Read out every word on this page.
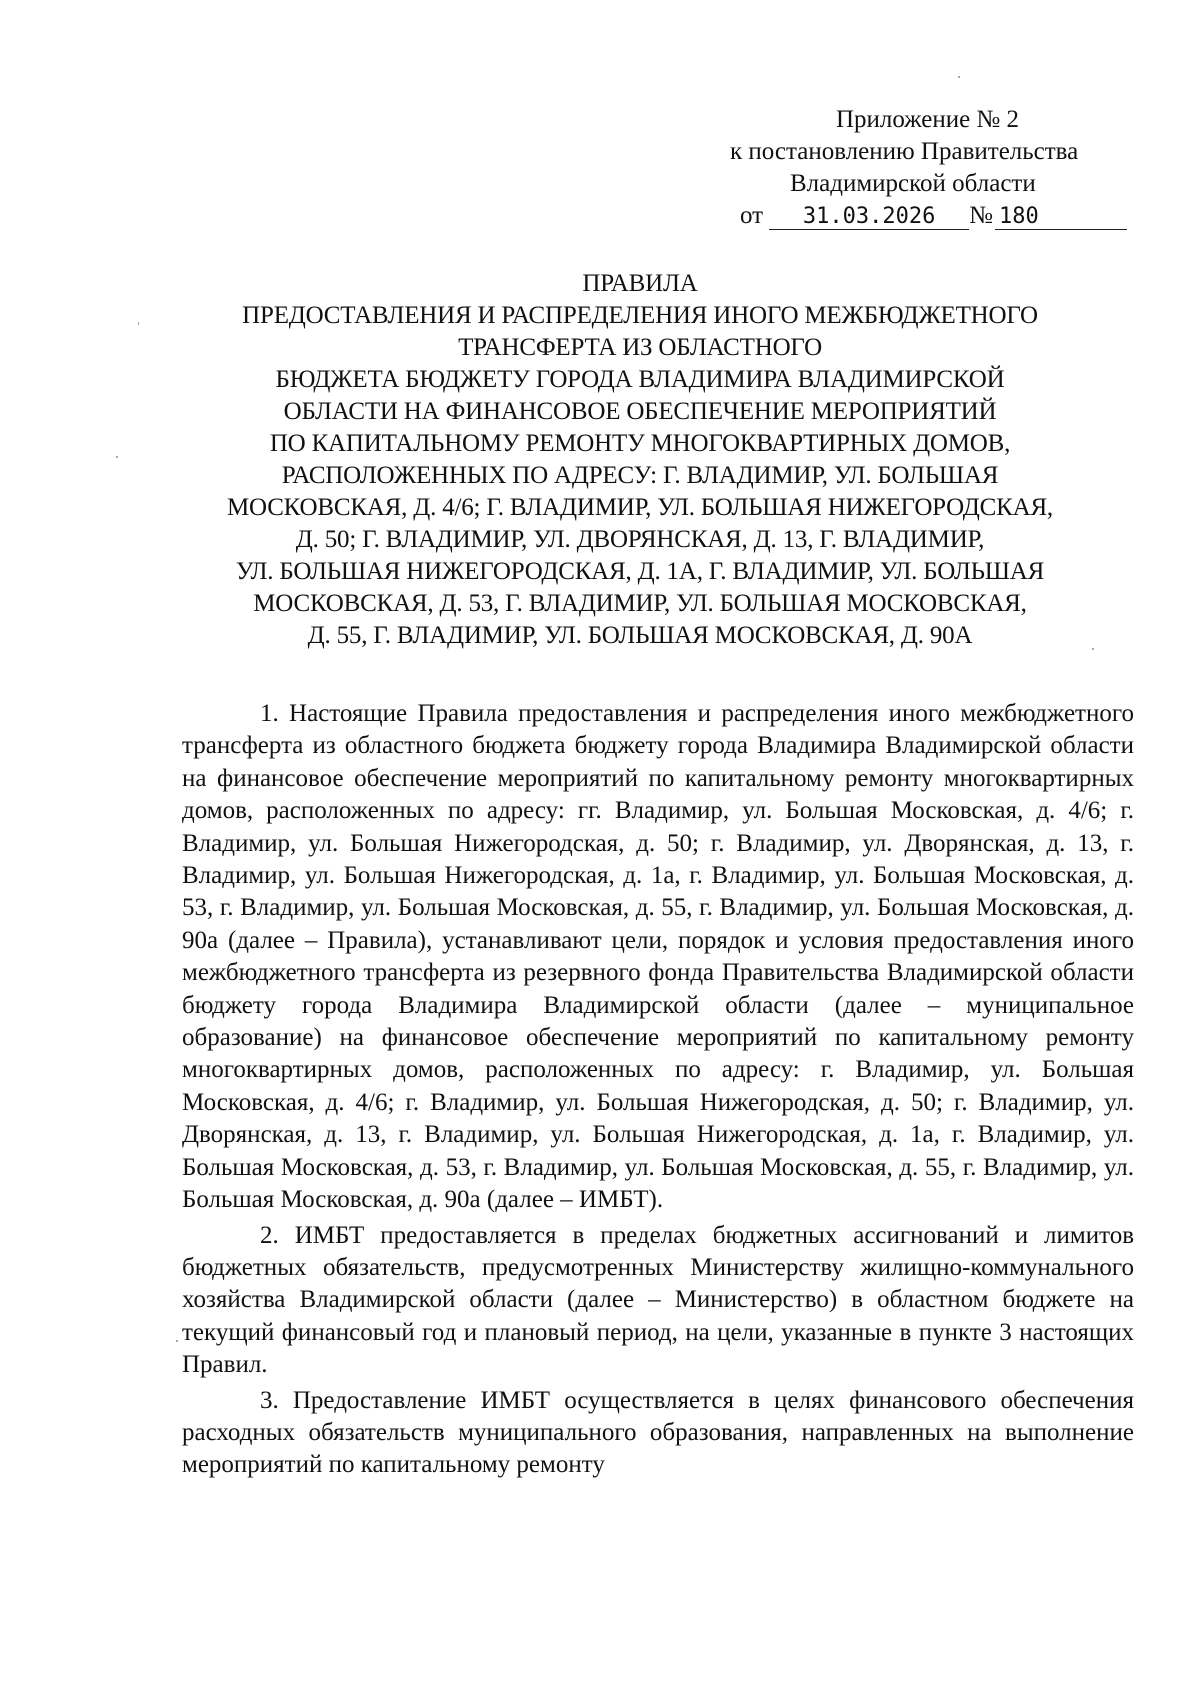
Приложение № 2
к постановлению Правительства
Владимирской области
от 31.03.2026 № 180
ПРАВИЛА
ПРЕДОСТАВЛЕНИЯ И РАСПРЕДЕЛЕНИЯ ИНОГО МЕЖБЮДЖЕТНОГО
ТРАНСФЕРТА ИЗ ОБЛАСТНОГО
БЮДЖЕТА БЮДЖЕТУ ГОРОДА ВЛАДИМИРА ВЛАДИМИРСКОЙ
ОБЛАСТИ НА ФИНАНСОВОЕ ОБЕСПЕЧЕНИЕ МЕРОПРИЯТИЙ
ПО КАПИТАЛЬНОМУ РЕМОНТУ МНОГОКВАРТИРНЫХ ДОМОВ,
РАСПОЛОЖЕННЫХ ПО АДРЕСУ: Г. ВЛАДИМИР, УЛ. БОЛЬШАЯ
МОСКОВСКАЯ, Д. 4/6; Г. ВЛАДИМИР, УЛ. БОЛЬШАЯ НИЖЕГОРОДСКАЯ,
Д. 50; Г. ВЛАДИМИР, УЛ. ДВОРЯНСКАЯ, Д. 13, Г. ВЛАДИМИР,
УЛ. БОЛЬШАЯ НИЖЕГОРОДСКАЯ, Д. 1А, Г. ВЛАДИМИР, УЛ. БОЛЬШАЯ
МОСКОВСКАЯ, Д. 53, Г. ВЛАДИМИР, УЛ. БОЛЬШАЯ МОСКОВСКАЯ,
Д. 55, Г. ВЛАДИМИР, УЛ. БОЛЬШАЯ МОСКОВСКАЯ, Д. 90А

1. Настоящие Правила предоставления и распределения иного межбюджетного трансферта из областного бюджета бюджету города Владимира Владимирской области на финансовое обеспечение мероприятий по капитальному ремонту многоквартирных домов, расположенных по адресу: гг. Владимир, ул. Большая Московская, д. 4/6; г. Владимир, ул. Большая Нижегородская, д. 50; г. Владимир, ул. Дворянская, д. 13, г. Владимир, ул. Большая Нижегородская, д. 1а, г. Владимир, ул. Большая Московская, д. 53, г. Владимир, ул. Большая Московская, д. 55, г. Владимир, ул. Большая Московская, д. 90а (далее – Правила), устанавливают цели, порядок и условия предоставления иного межбюджетного трансферта из резервного фонда Правительства Владимирской области бюджету города Владимира Владимирской области (далее – муниципальное образование) на финансовое обеспечение мероприятий по капитальному ремонту многоквартирных домов, расположенных по адресу: г. Владимир, ул. Большая Московская, д. 4/6; г. Владимир, ул. Большая Нижегородская, д. 50; г. Владимир, ул. Дворянская, д. 13, г. Владимир, ул. Большая Нижегородская, д. 1а, г. Владимир, ул. Большая Московская, д. 53, г. Владимир, ул. Большая Московская, д. 55, г. Владимир, ул. Большая Московская, д. 90а (далее – ИМБТ).

2. ИМБТ предоставляется в пределах бюджетных ассигнований и лимитов бюджетных обязательств, предусмотренных Министерству жилищно-коммунального хозяйства Владимирской области (далее – Министерство) в областном бюджете на текущий финансовый год и плановый период, на цели, указанные в пункте 3 настоящих Правил.

3. Предоставление ИМБТ осуществляется в целях финансового обеспечения расходных обязательств муниципального образования, направленных на выполнение мероприятий по капитальному ремонту
